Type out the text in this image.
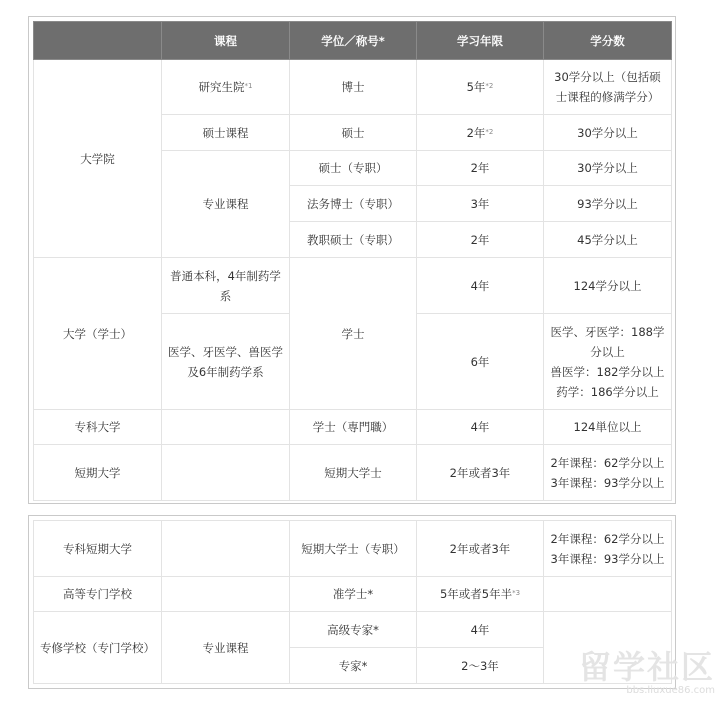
	课程	学位／称号*	学习年限	学分数
大学院	研究生院$^{*1}$	博士	5年$^{*2}$	30学分以上（包括硕士课程的修满学分）
	硕士课程	硕士	2年$^{*2}$	30学分以上
	专业课程	硕士（专职）	2年	30学分以上
		法务博士（专职）	3年	93学分以上
		教职硕士（专职）	2年	45学分以上
大学（学士）	普通本科，4年制药学系	学士	4年	124学分以上
	医学、牙医学、兽医学及6年制药学系		6年	医学、牙医学：188学分以上
兽医学：182学分以上
药学：186学分以上

专科大学		学士（専門職）	4年	124単位以上
短期大学		短期大学士	2年或者3年	2年课程：62学分以上
3年课程：93学分以上
专科短期大学		短期大学士（专职）	2年或者3年	2年课程：62学分以上
3年课程：93学分以上

高等专门学校		准学士*	5年或者5年半$^{*3}$	
专修学校（专门学校）	专业课程	高级专家*	4年	
		专家*	2～3年		留学社区
bbs.liuxue86.com
